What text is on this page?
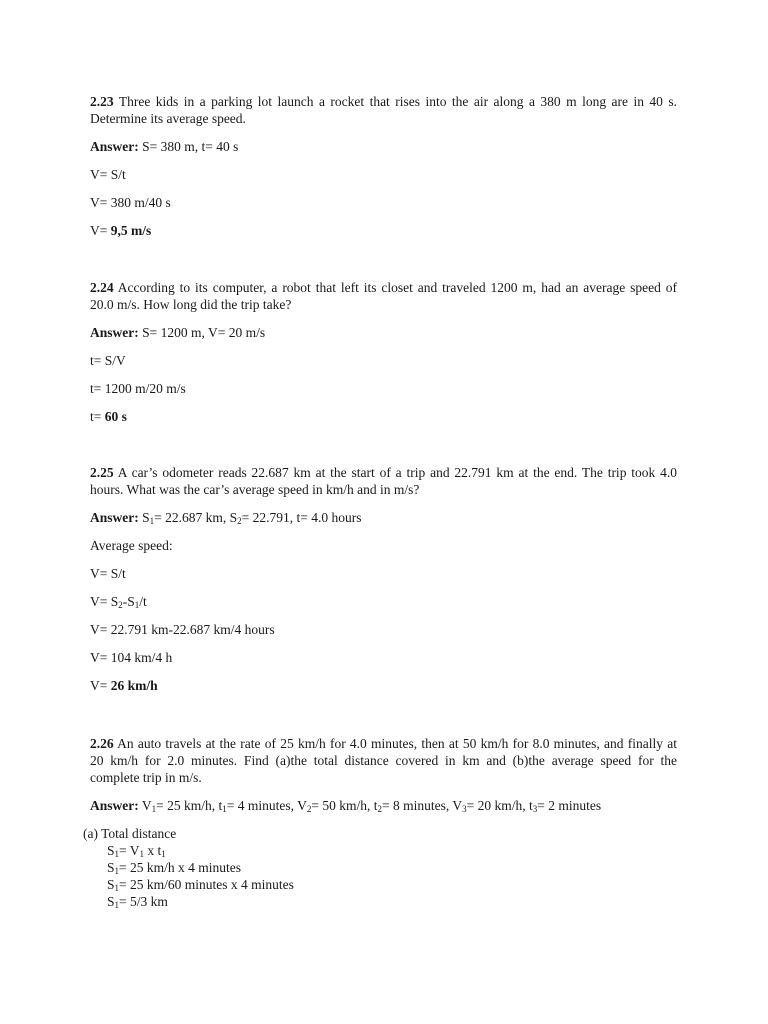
2.23 Three kids in a parking lot launch a rocket that rises into the air along a 380 m long are in 40 s.
Determine its average speed.
Answer: S= 380 m, t= 40 s
V= S/t
V= 380 m/40 s
V= 9,5 m/s
2.24 According to its computer, a robot that left its closet and traveled 1200 m, had an average speed of
20.0 m/s. How long did the trip take?
Answer: S= 1200 m, V= 20 m/s
t= S/V
t= 1200 m/20 m/s
t= 60 s
2.25 A car’s odometer reads 22.687 km at the start of a trip and 22.791 km at the end. The trip took 4.0
hours. What was the car’s average speed in km/h and in m/s?
Answer: $S_1= 22.687$ km, $S_2= 22.791$, t= 4.0 hours
Average speed:
V= S/t
$V= S_2-S_1/t$
V= 22.791 km-22.687 km/4 hours
V= 104 km/4 h
V= 26 km/h
2.26 An auto travels at the rate of 25 km/h for 4.0 minutes, then at 50 km/h for 8.0 minutes, and finally at
20 km/h for 2.0 minutes. Find (a)the total distance covered in km and (b)the average speed for the
complete trip in m/s.
Answer: $V_1= 25$ km/h, $t_1= 4$ minutes, $V_2= 50$ km/h, $t_2= 8$ minutes, $V_3= 20$ km/h, $t_3= 2$ minutes
(a) Total distance
$S_1= V_1$ x $t_1$
$S_1= 25$ km/h x 4 minutes
$S_1= 25$ km/60 minutes x 4 minutes
$S_1= 5/3$ km
